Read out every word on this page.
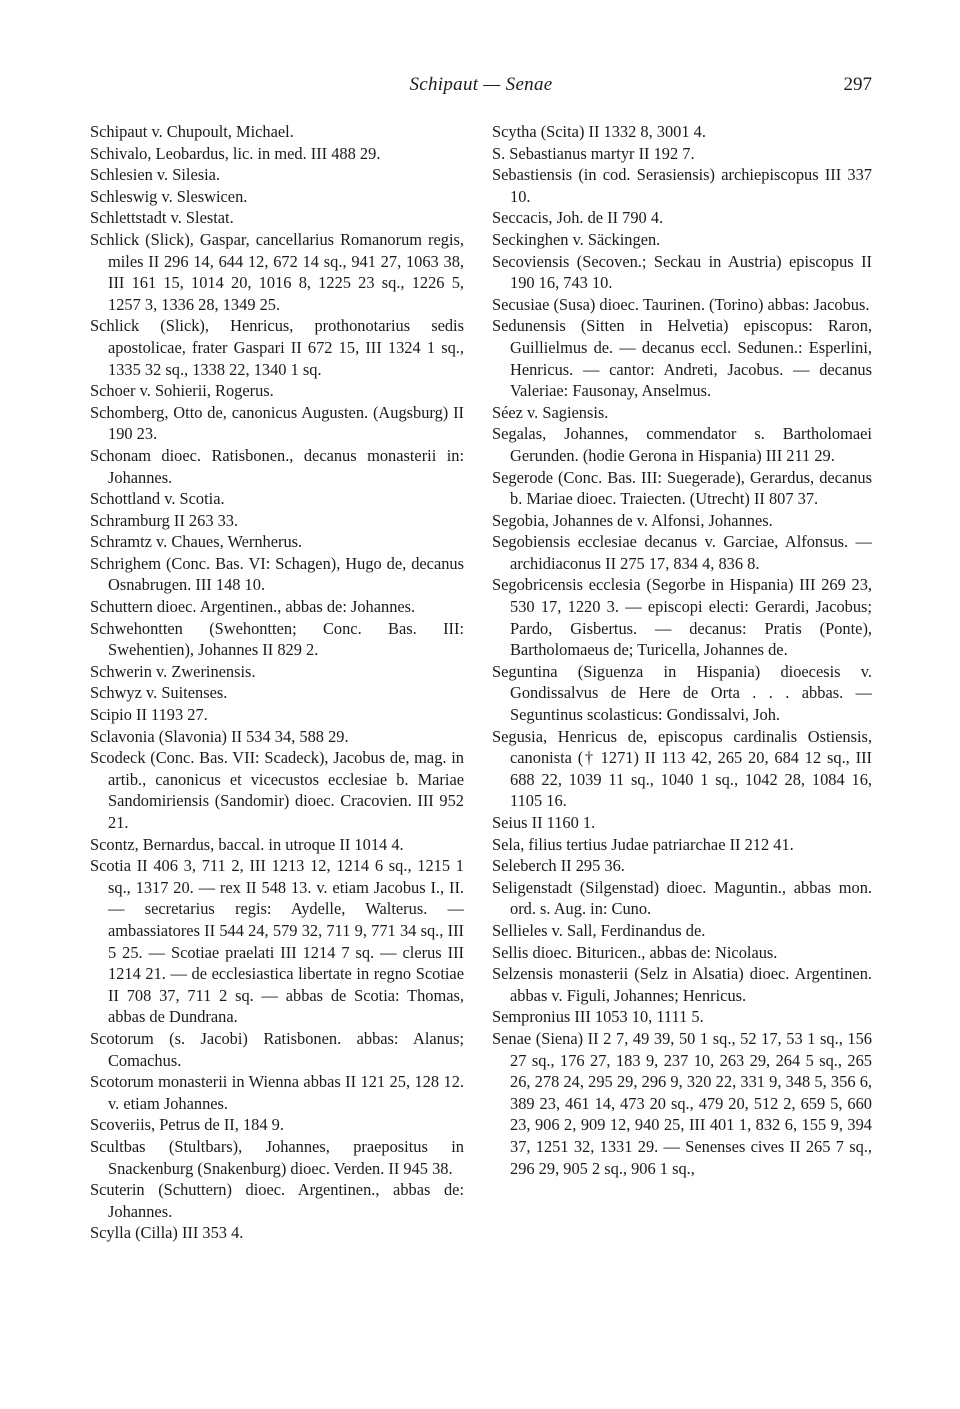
Schipaut — Senae	297
Schipaut v. Chupoult, Michael.
Schivalo, Leobardus, lic. in med. III 488 29.
Schlesien v. Silesia.
Schleswig v. Sleswicen.
Schlettstadt v. Slestat.
Schlick (Slick), Gaspar, cancellarius Romanorum regis, miles II 296 14, 644 12, 672 14 sq., 941 27, 1063 38, III 161 15, 1014 20, 1016 8, 1225 23 sq., 1226 5, 1257 3, 1336 28, 1349 25.
Schlick (Slick), Henricus, prothonotarius sedis apostolicae, frater Gaspari II 672 15, III 1324 1 sq., 1335 32 sq., 1338 22, 1340 1 sq.
Schoer v. Sohierii, Rogerus.
Schomberg, Otto de, canonicus Augusten. (Augsburg) II 190 23.
Schonam dioec. Ratisbonen., decanus monasterii in: Johannes.
Schottland v. Scotia.
Schramburg II 263 33.
Schramtz v. Chaues, Wernherus.
Schrighem (Conc. Bas. VI: Schagen), Hugo de, decanus Osnabrugen. III 148 10.
Schuttern dioec. Argentinen., abbas de: Johannes.
Schwehontten (Swehontten; Conc. Bas. III: Swehentien), Johannes II 829 2.
Schwerin v. Zwerinensis.
Schwyz v. Suitenses.
Scipio II 1193 27.
Sclavonia (Slavonia) II 534 34, 588 29.
Scodeck (Conc. Bas. VII: Scadeck), Jacobus de, mag. in artib., canonicus et vicecustos ecclesiae b. Mariae Sandomiriensis (Sandomir) dioec. Cracovien. III 952 21.
Scontz, Bernardus, baccal. in utroque II 1014 4.
Scotia II 406 3, 711 2, III 1213 12, 1214 6 sq., 1215 1 sq., 1317 20. — rex II 548 13. v. etiam Jacobus I., II. — secretarius regis: Aydelle, Walterus. — ambassiatores II 544 24, 579 32, 711 9, 771 34 sq., III 5 25. — Scotiae praelati III 1214 7 sq. — clerus III 1214 21. — de ecclesiastica libertate in regno Scotiae II 708 37, 711 2 sq. — abbas de Scotia: Thomas, abbas de Dundrana.
Scotorum (s. Jacobi) Ratisbonen. abbas: Alanus; Comachus.
Scotorum monasterii in Wienna abbas II 121 25, 128 12. v. etiam Johannes.
Scoveriis, Petrus de II, 184 9.
Scultbas (Stultbars), Johannes, praepositus in Snackenburg (Snakenburg) dioec. Verden. II 945 38.
Scuterin (Schuttern) dioec. Argentinen., abbas de: Johannes.
Scylla (Cilla) III 353 4.
Scytha (Scita) II 1332 8, 3001 4.
S. Sebastianus martyr II 192 7.
Sebastiensis (in cod. Serasiensis) archiepiscopus III 337 10.
Seccacis, Joh. de II 790 4.
Seckinghen v. Säckingen.
Secoviensis (Secoven.; Seckau in Austria) episcopus II 190 16, 743 10.
Secusiae (Susa) dioec. Taurinen. (Torino) abbas: Jacobus.
Sedunensis (Sitten in Helvetia) episcopus: Raron, Guillielmus de. — decanus eccl. Sedunen.: Esperlini, Henricus. — cantor: Andreti, Jacobus. — decanus Valeriae: Fausonay, Anselmus.
Séez v. Sagiensis.
Segalas, Johannes, commendator s. Bartholomaei Gerunden. (hodie Gerona in Hispania) III 211 29.
Segerode (Conc. Bas. III: Suegerade), Gerardus, decanus b. Mariae dioec. Traiecten. (Utrecht) II 807 37.
Segobia, Johannes de v. Alfonsi, Johannes.
Segobiensis ecclesiae decanus v. Garciae, Alfonsus. — archidiaconus II 275 17, 834 4, 836 8.
Segobricensis ecclesia (Segorbe in Hispania) III 269 23, 530 17, 1220 3. — episcopi electi: Gerardi, Jacobus; Pardo, Gisbertus. — decanus: Pratis (Ponte), Bartholomaeus de; Turicella, Johannes de.
Seguntina (Siguenza in Hispania) dioecesis v. Gondissalvus de Here de Orta . . . abbas. — Seguntinus scolasticus: Gondissalvi, Joh.
Segusia, Henricus de, episcopus cardinalis Ostiensis, canonista († 1271) II 113 42, 265 20, 684 12 sq., III 688 22, 1039 11 sq., 1040 1 sq., 1042 28, 1084 16, 1105 16.
Seius II 1160 1.
Sela, filius tertius Judae patriarchae II 212 41.
Seleberch II 295 36.
Seligenstadt (Silgenstad) dioec. Maguntin., abbas mon. ord. s. Aug. in: Cuno.
Sellieles v. Sall, Ferdinandus de.
Sellis dioec. Bituricen., abbas de: Nicolaus.
Selzensis monasterii (Selz in Alsatia) dioec. Argentinen. abbas v. Figuli, Johannes; Henricus.
Sempronius III 1053 10, 1111 5.
Senae (Siena) II 2 7, 49 39, 50 1 sq., 52 17, 53 1 sq., 156 27 sq., 176 27, 183 9, 237 10, 263 29, 264 5 sq., 265 26, 278 24, 295 29, 296 9, 320 22, 331 9, 348 5, 356 6, 389 23, 461 14, 473 20 sq., 479 20, 512 2, 659 5, 660 23, 906 2, 909 12, 940 25, III 401 1, 832 6, 155 9, 394 37, 1251 32, 1331 29. — Senenses cives II 265 7 sq., 296 29, 905 2 sq., 906 1 sq.,
